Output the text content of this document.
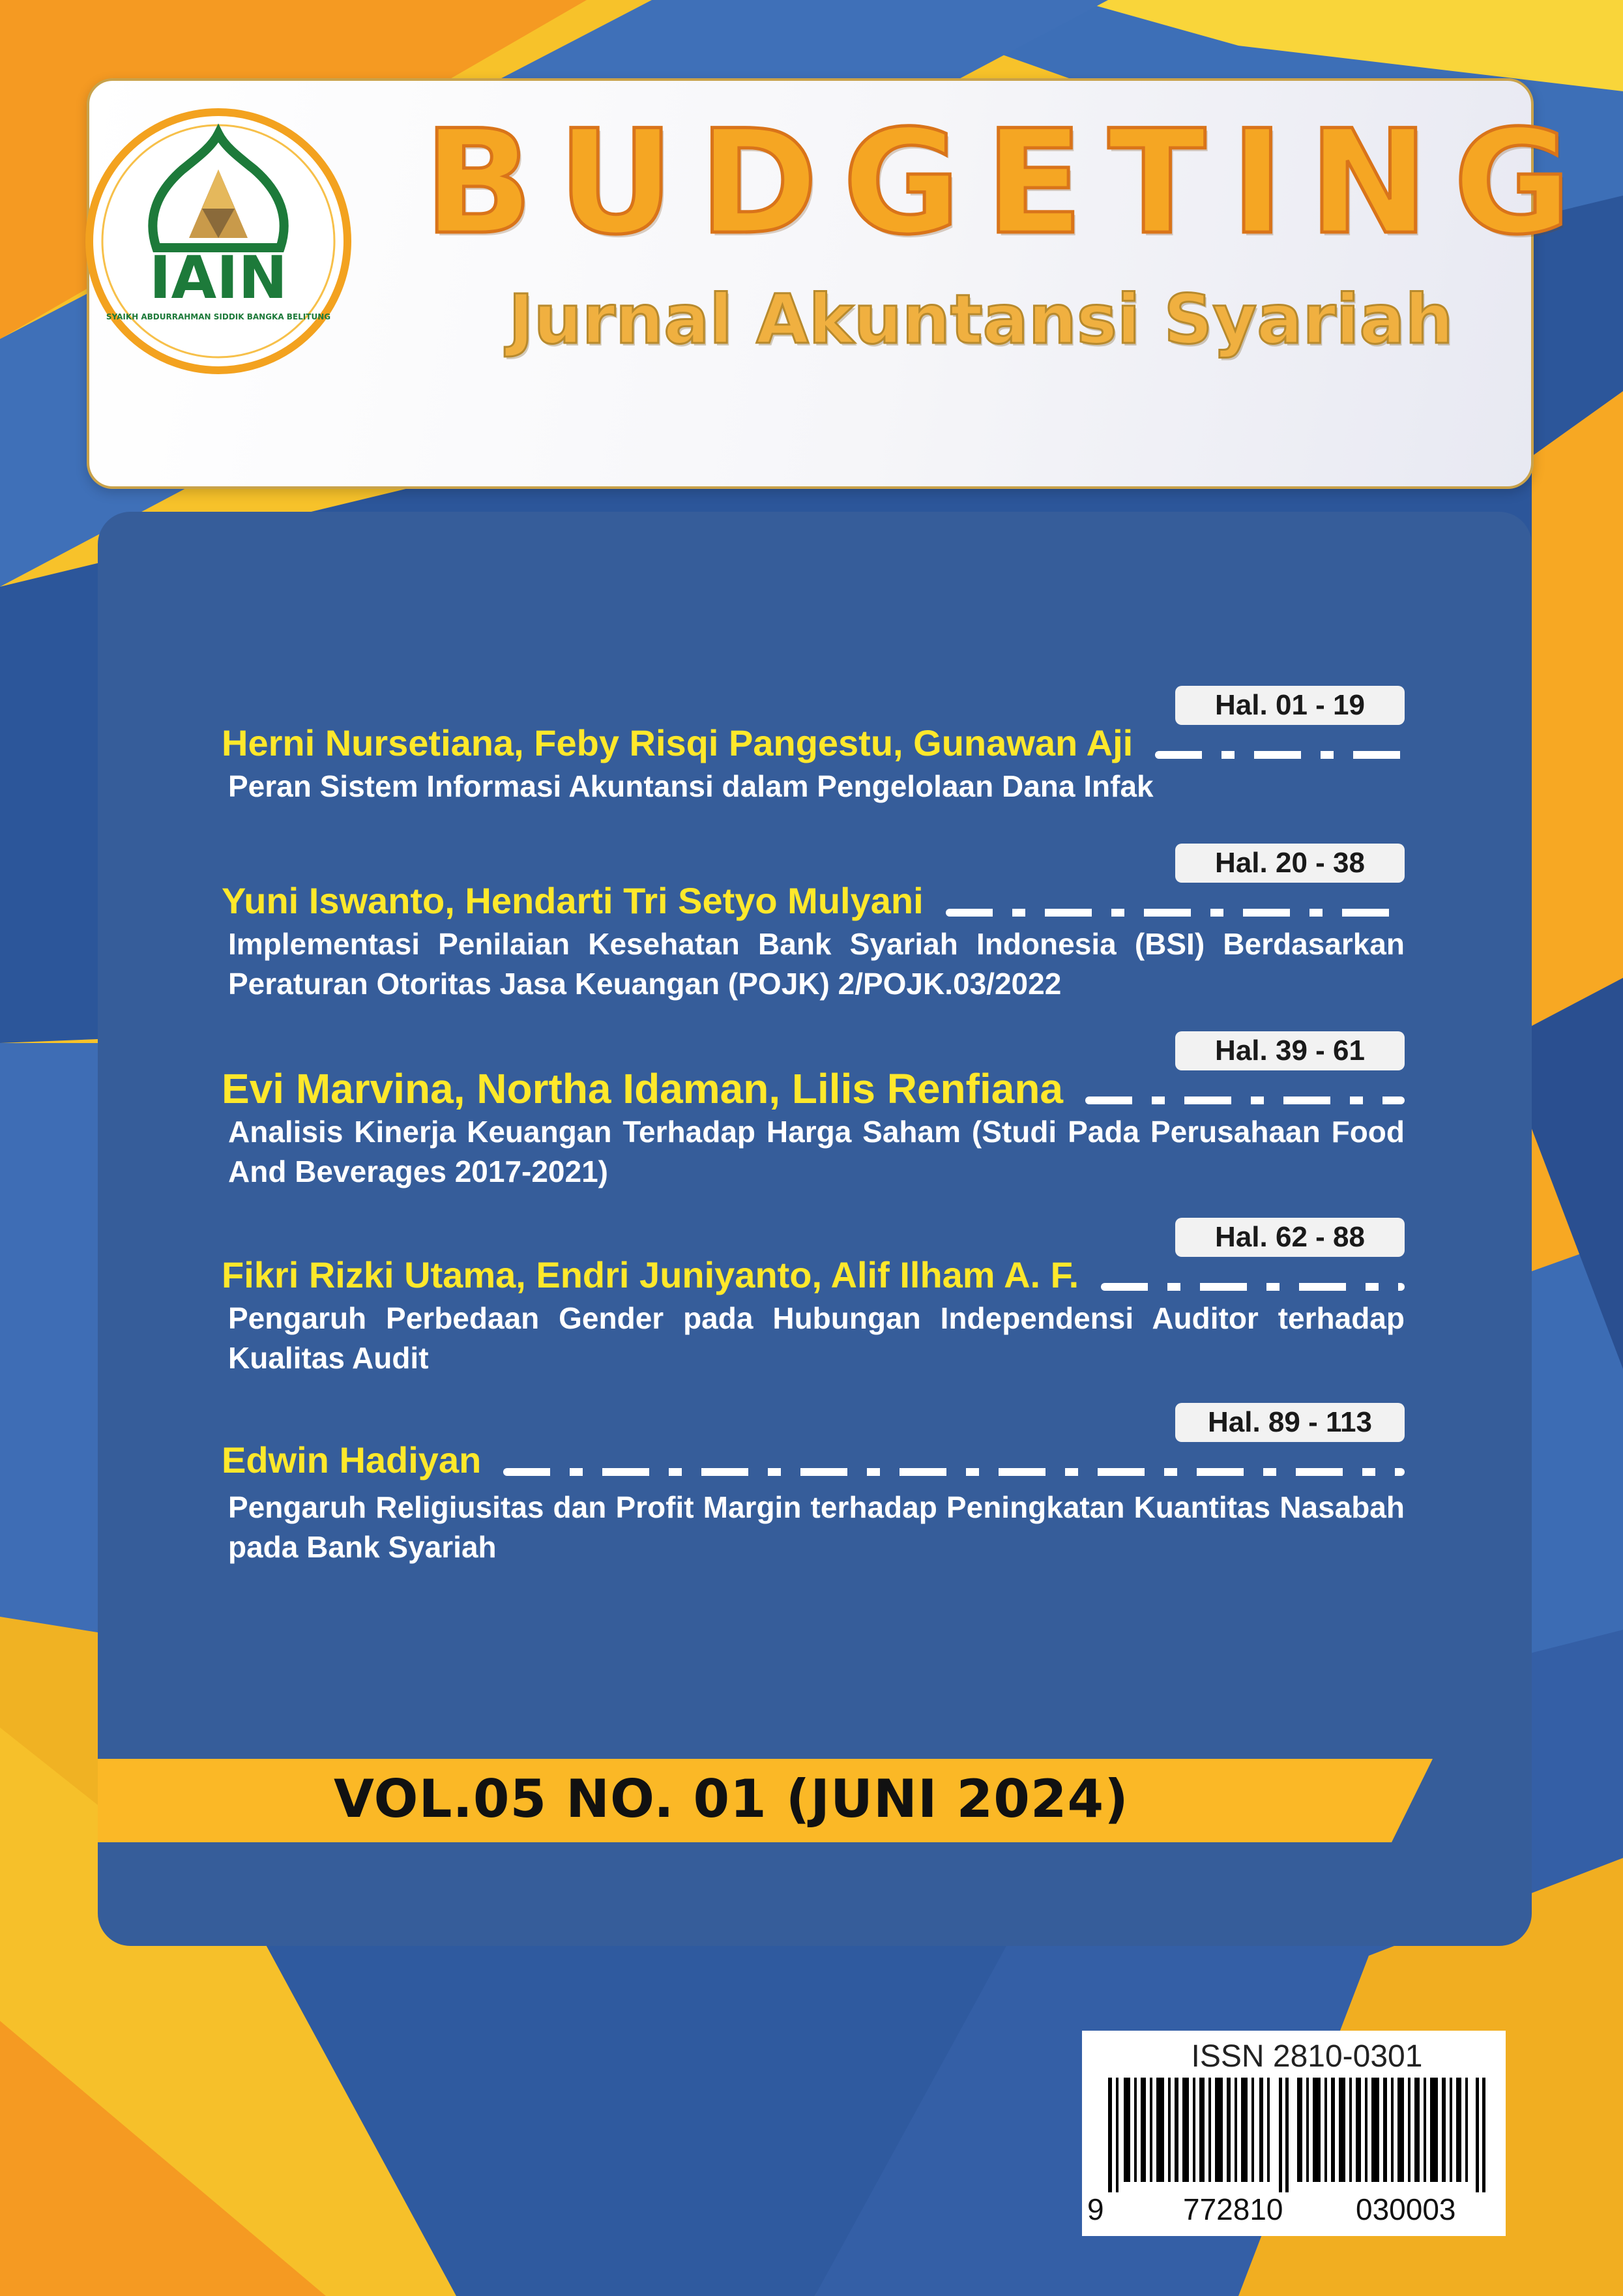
IAIN
SYAIKH ABDURRAHMAN SIDDIK BANGKA BELITUNG
BUDGETING
Jurnal Akuntansi Syariah
Hal. 01 - 19
Herni Nursetiana, Feby Risqi Pangestu, Gunawan Aji

Peran Sistem Informasi Akuntansi dalam Pengelolaan Dana Infak

Hal. 20 - 38
Yuni Iswanto, Hendarti Tri Setyo Mulyani

Implementasi Penilaian Kesehatan Bank Syariah Indonesia (BSI) Berdasarkan Peraturan Otoritas Jasa Keuangan (POJK) 2/POJK.03/2022

Hal. 39 - 61
Evi Marvina, Northa Idaman, Lilis Renfiana

Analisis Kinerja Keuangan Terhadap Harga Saham (Studi Pada Perusahaan Food And Beverages 2017-2021)

Hal. 62 - 88
Fikri Rizki Utama, Endri Juniyanto, Alif Ilham A. F.

Pengaruh Perbedaan Gender pada Hubungan Independensi Auditor terhadap Kualitas Audit

Hal. 89 - 113
Edwin Hadiyan

Pengaruh Religiusitas dan Profit Margin terhadap Peningkatan Kuantitas Nasabah pada Bank Syariah

VOL.05 NO. 01 (JUNI 2024)

ISSN 2810-0301
9	772810 030003
